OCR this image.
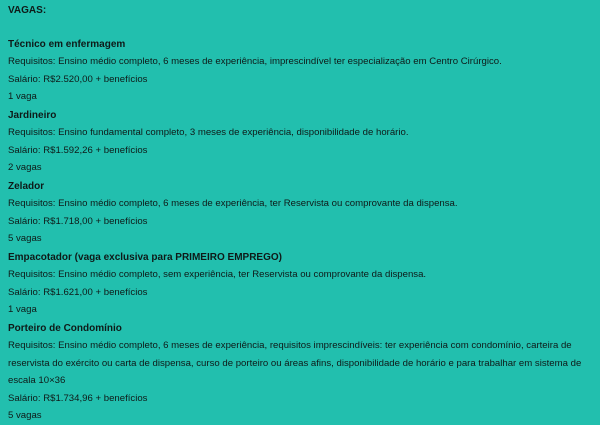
VAGAS:
Técnico em enfermagem
Requisitos: Ensino médio completo, 6 meses de experiência, imprescindível ter especialização em Centro Cirúrgico.
Salário: R$2.520,00 + benefícios
1 vaga
Jardineiro
Requisitos: Ensino fundamental completo, 3 meses de experiência, disponibilidade de horário.
Salário: R$1.592,26 + benefícios
2 vagas
Zelador
Requisitos: Ensino médio completo, 6 meses de experiência, ter Reservista ou comprovante da dispensa.
Salário: R$1.718,00 + benefícios
5 vagas
Empacotador (vaga exclusiva para PRIMEIRO EMPREGO)
Requisitos: Ensino médio completo, sem experiência, ter Reservista ou comprovante da dispensa.
Salário: R$1.621,00 + benefícios
1 vaga
Porteiro de Condomínio
Requisitos: Ensino médio completo, 6 meses de experiência, requisitos imprescindíveis: ter experiência com condomínio, carteira de reservista do exército ou carta de dispensa, curso de porteiro ou áreas afins, disponibilidade de horário e para trabalhar em sistema de escala 10×36
Salário: R$1.734,96 + benefícios
5 vagas
